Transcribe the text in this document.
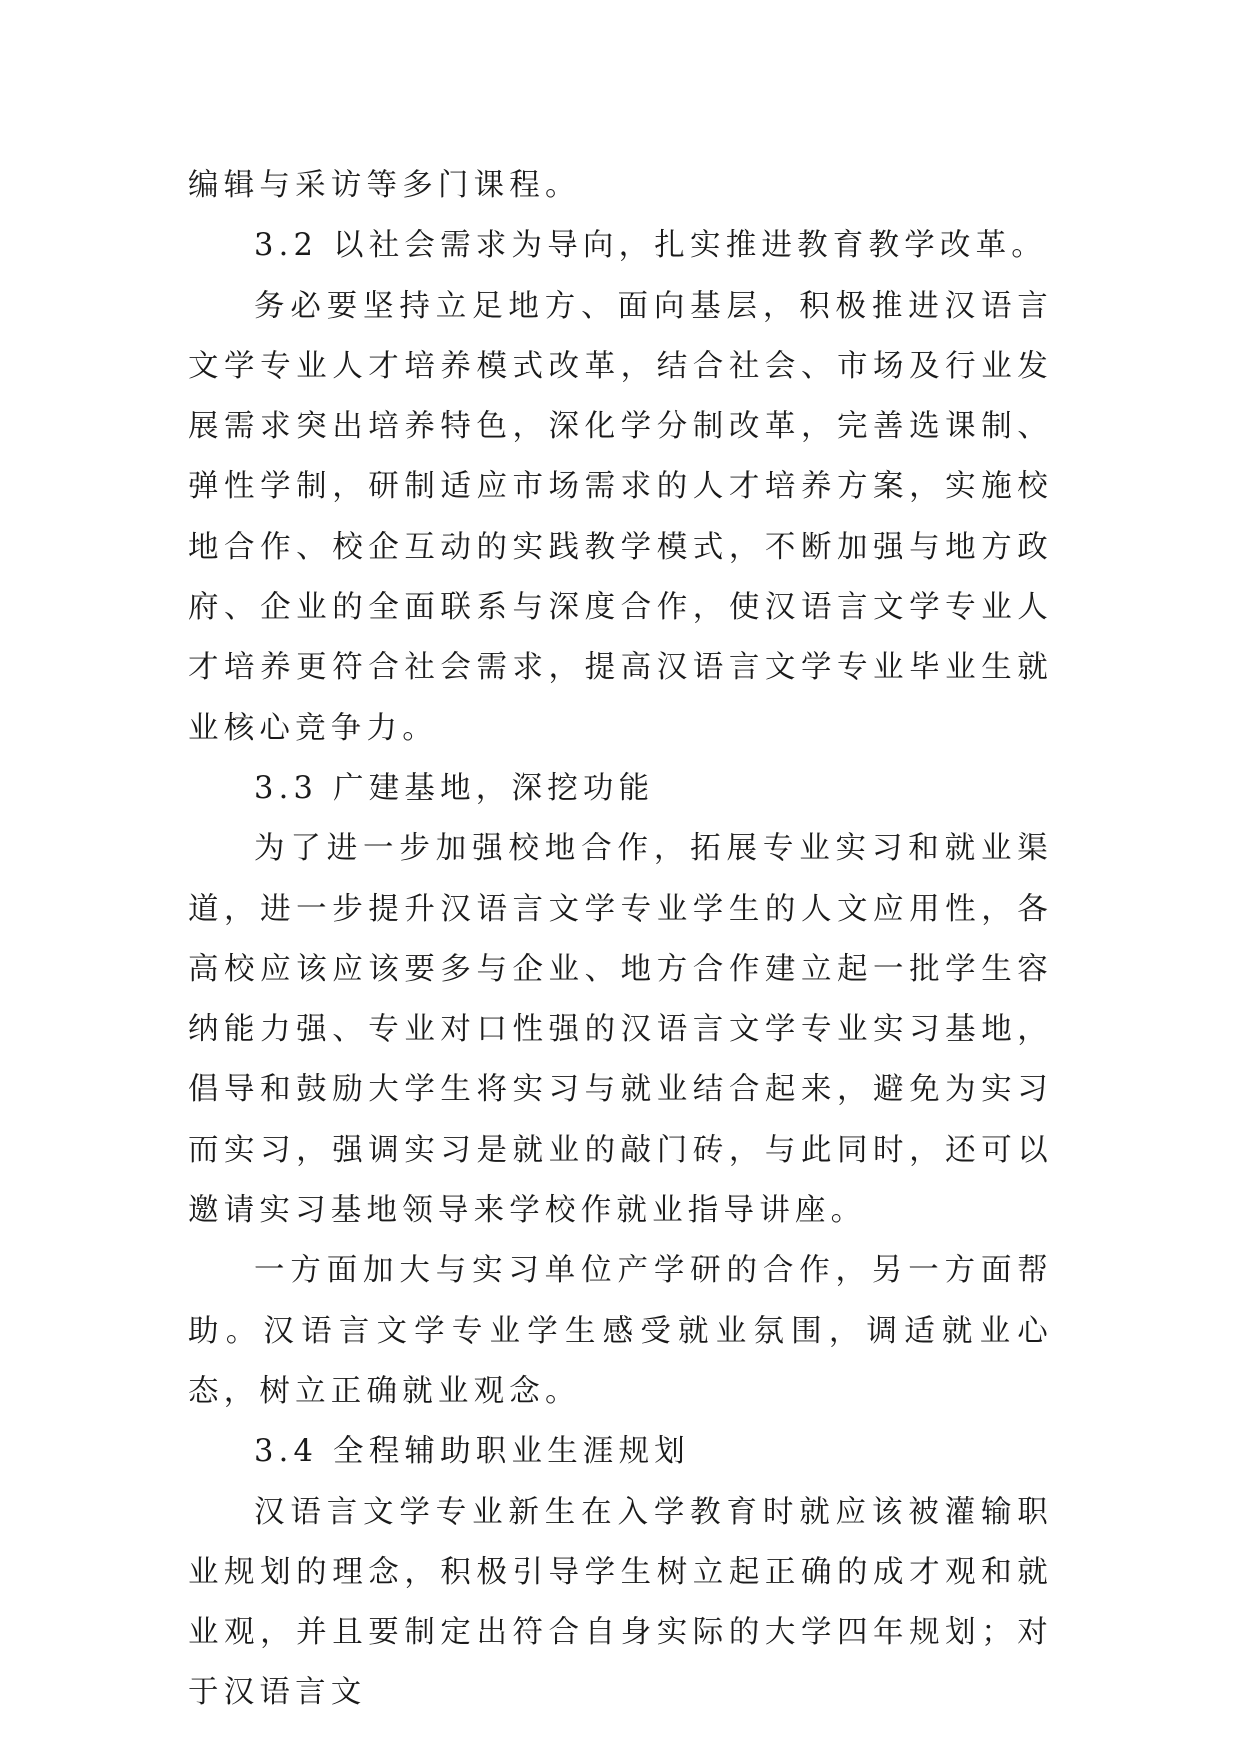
编辑与采访等多门课程。

3.2 以社会需求为导向，扎实推进教育教学改革。

务必要坚持立足地方、面向基层，积极推进汉语言文学专业人才培养模式改革，结合社会、市场及行业发展需求突出培养特色，深化学分制改革，完善选课制、弹性学制，研制适应市场需求的人才培养方案，实施校地合作、校企互动的实践教学模式，不断加强与地方政府、企业的全面联系与深度合作，使汉语言文学专业人才培养更符合社会需求，提高汉语言文学专业毕业生就业核心竞争力。

3.3 广建基地，深挖功能

为了进一步加强校地合作，拓展专业实习和就业渠道，进一步提升汉语言文学专业学生的人文应用性，各高校应该应该要多与企业、地方合作建立起一批学生容纳能力强、专业对口性强的汉语言文学专业实习基地，倡导和鼓励大学生将实习与就业结合起来，避免为实习而实习，强调实习是就业的敲门砖，与此同时，还可以邀请实习基地领导来学校作就业指导讲座。

一方面加大与实习单位产学研的合作，另一方面帮助。汉语言文学专业学生感受就业氛围，调适就业心态，树立正确就业观念。

3.4 全程辅助职业生涯规划

汉语言文学专业新生在入学教育时就应该被灌输职业规划的理念，积极引导学生树立起正确的成才观和就业观，并且要制定出符合自身实际的大学四年规划；对于汉语言文
